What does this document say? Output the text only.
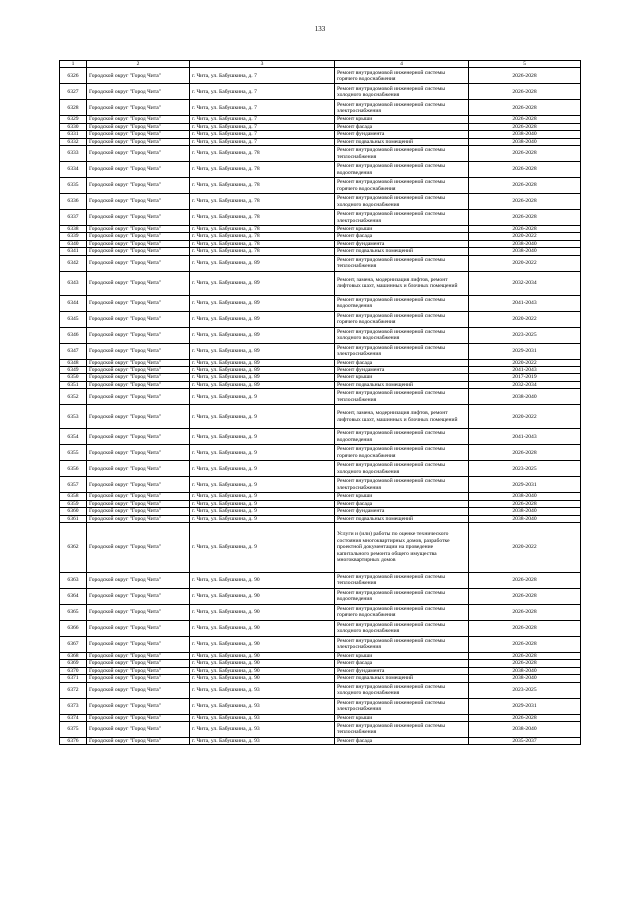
133
1	2	3	4	5
6326	Городской округ "Город Чита"	г. Чита, ул. Бабушкина, д. 7	Ремонт внутридомовой инженерной системы горячего водоснабжения	2026-2028
6327	Городской округ "Город Чита"	г. Чита, ул. Бабушкина, д. 7	Ремонт внутридомовой инженерной системы холодного водоснабжения	2026-2028
6328	Городской округ "Город Чита"	г. Чита, ул. Бабушкина, д. 7	Ремонт внутридомовой инженерной системы электроснабжения	2026-2028
6329	Городской округ "Город Чита"	г. Чита, ул. Бабушкина, д. 7	Ремонт крыши	2026-2028
6330	Городской округ "Город Чита"	г. Чита, ул. Бабушкина, д. 7	Ремонт фасада	2026-2028
6331	Городской округ "Город Чита"	г. Чита, ул. Бабушкина, д. 7	Ремонт фундамента	2038-2040
6332	Городской округ "Город Чита"	г. Чита, ул. Бабушкина, д. 7	Ремонт подвальных помещений	2038-2040
6333	Городской округ "Город Чита"	г. Чита, ул. Бабушкина, д. 78	Ремонт внутридомовой инженерной системы теплоснабжения	2026-2028
6334	Городской округ "Город Чита"	г. Чита, ул. Бабушкина, д. 78	Ремонт внутридомовой инженерной системы водоотведения	2026-2028
6335	Городской округ "Город Чита"	г. Чита, ул. Бабушкина, д. 78	Ремонт внутридомовой инженерной системы горячего водоснабжения	2026-2028
6336	Городской округ "Город Чита"	г. Чита, ул. Бабушкина, д. 78	Ремонт внутридомовой инженерной системы холодного водоснабжения	2026-2028
6337	Городской округ "Город Чита"	г. Чита, ул. Бабушкина, д. 78	Ремонт внутридомовой инженерной системы электроснабжения	2026-2028
6338	Городской округ "Город Чита"	г. Чита, ул. Бабушкина, д. 78	Ремонт крыши	2026-2028
6339	Городской округ "Город Чита"	г. Чита, ул. Бабушкина, д. 78	Ремонт фасада	2020-2022
6340	Городской округ "Город Чита"	г. Чита, ул. Бабушкина, д. 78	Ремонт фундамента	2038-2040
6341	Городской округ "Город Чита"	г. Чита, ул. Бабушкина, д. 78	Ремонт подвальных помещений	2038-2040
6342	Городской округ "Город Чита"	г. Чита, ул. Бабушкина, д. 89	Ремонт внутридомовой инженерной системы теплоснабжения	2020-2022
6343	Городской округ "Город Чита"	г. Чита, ул. Бабушкина, д. 89	Ремонт, замена, модернизация лифтов, ремонт лифтовых шахт, машинных и блочных помещений	2032-2034
6344	Городской округ "Город Чита"	г. Чита, ул. Бабушкина, д. 89	Ремонт внутридомовой инженерной системы водоотведения	2041-2043
6345	Городской округ "Город Чита"	г. Чита, ул. Бабушкина, д. 89	Ремонт внутридомовой инженерной системы горячего водоснабжения	2020-2022
6346	Городской округ "Город Чита"	г. Чита, ул. Бабушкина, д. 89	Ремонт внутридомовой инженерной системы холодного водоснабжения	2023-2025
6347	Городской округ "Город Чита"	г. Чита, ул. Бабушкина, д. 89	Ремонт внутридомовой инженерной системы электроснабжения	2029-2031
6348	Городской округ "Город Чита"	г. Чита, ул. Бабушкина, д. 89	Ремонт фасада	2020-2022
6349	Городской округ "Город Чита"	г. Чита, ул. Бабушкина, д. 89	Ремонт фундамента	2041-2043
6350	Городской округ "Город Чита"	г. Чита, ул. Бабушкина, д. 89	Ремонт крыши	2017-2019
6351	Городской округ "Город Чита"	г. Чита, ул. Бабушкина, д. 89	Ремонт подвальных помещений	2032-2034
6352	Городской округ "Город Чита"	г. Чита, ул. Бабушкина, д. 9	Ремонт внутридомовой инженерной системы теплоснабжения	2038-2040
6353	Городской округ "Город Чита"	г. Чита, ул. Бабушкина, д. 9	Ремонт, замена, модернизация лифтов, ремонт лифтовых шахт, машинных и блочных помещений	2020-2022
6354	Городской округ "Город Чита"	г. Чита, ул. Бабушкина, д. 9	Ремонт внутридомовой инженерной системы водоотведения	2041-2043
6355	Городской округ "Город Чита"	г. Чита, ул. Бабушкина, д. 9	Ремонт внутридомовой инженерной системы горячего водоснабжения	2026-2028
6356	Городской округ "Город Чита"	г. Чита, ул. Бабушкина, д. 9	Ремонт внутридомовой инженерной системы холодного водоснабжения	2023-2025
6357	Городской округ "Город Чита"	г. Чита, ул. Бабушкина, д. 9	Ремонт внутридомовой инженерной системы электроснабжения	2029-2031
6358	Городской округ "Город Чита"	г. Чита, ул. Бабушкина, д. 9	Ремонт крыши	2038-2040
6359	Городской округ "Город Чита"	г. Чита, ул. Бабушкина, д. 9	Ремонт фасада	2026-2028
6360	Городской округ "Город Чита"	г. Чита, ул. Бабушкина, д. 9	Ремонт фундамента	2038-2040
6361	Городской округ "Город Чита"	г. Чита, ул. Бабушкина, д. 9	Ремонт подвальных помещений	2038-2040
6362	Городской округ "Город Чита"	г. Чита, ул. Бабушкина, д. 9	Услуги и (или) работы по оценке технического состояния многоквартирных домов, разработке проектной документации на проведение капитального ремонта общего имущества многоквартирных домов	2020-2022
6363	Городской округ "Город Чита"	г. Чита, ул. Бабушкина, д. 90	Ремонт внутридомовой инженерной системы теплоснабжения	2026-2028
6364	Городской округ "Город Чита"	г. Чита, ул. Бабушкина, д. 90	Ремонт внутридомовой инженерной системы водоотведения	2026-2028
6365	Городской округ "Город Чита"	г. Чита, ул. Бабушкина, д. 90	Ремонт внутридомовой инженерной системы горячего водоснабжения	2026-2028
6366	Городской округ "Город Чита"	г. Чита, ул. Бабушкина, д. 90	Ремонт внутридомовой инженерной системы холодного водоснабжения	2026-2028
6367	Городской округ "Город Чита"	г. Чита, ул. Бабушкина, д. 90	Ремонт внутридомовой инженерной системы электроснабжения	2026-2028
6368	Городской округ "Город Чита"	г. Чита, ул. Бабушкина, д. 90	Ремонт крыши	2026-2028
6369	Городской округ "Город Чита"	г. Чита, ул. Бабушкина, д. 90	Ремонт фасада	2026-2028
6370	Городской округ "Город Чита"	г. Чита, ул. Бабушкина, д. 90	Ремонт фундамента	2038-2040
6371	Городской округ "Город Чита"	г. Чита, ул. Бабушкина, д. 90	Ремонт подвальных помещений	2038-2040
6372	Городской округ "Город Чита"	г. Чита, ул. Бабушкина, д. 93	Ремонт внутридомовой инженерной системы холодного водоснабжения	2023-2025
6373	Городской округ "Город Чита"	г. Чита, ул. Бабушкина, д. 93	Ремонт внутридомовой инженерной системы электроснабжения	2029-2031
6374	Городской округ "Город Чита"	г. Чита, ул. Бабушкина, д. 93	Ремонт крыши	2026-2028
6375	Городской округ "Город Чита"	г. Чита, ул. Бабушкина, д. 93	Ремонт внутридомовой инженерной системы теплоснабжения	2038-2040
6376	Городской округ "Город Чита"	г. Чита, ул. Бабушкина, д. 93	Ремонт фасада	2035-2037
